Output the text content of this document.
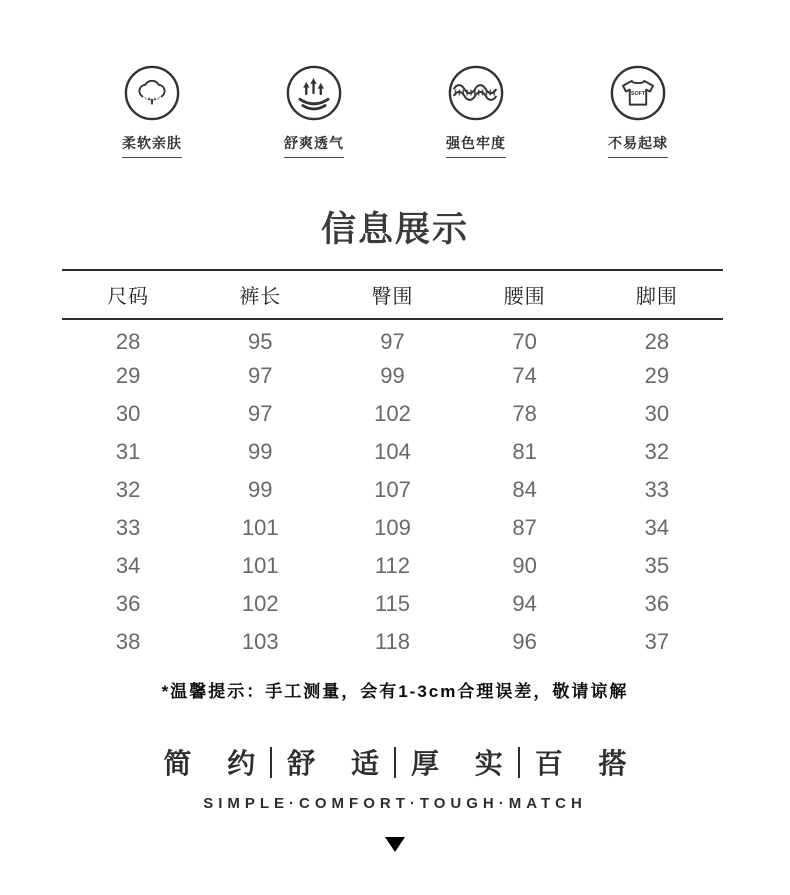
柔软亲肤	舒爽透气	强色牢度
SOFT
不易起球
信息展示
尺码	裤长	臀围	腰围	脚围
28	95	97	70	28
29	97	99	74	29
30	97	102	78	30
31	99	104	81	32
32	99	107	84	33
33	101	109	87	34
34	101	112	90	35
36	102	115	94	36
38	103	118	96	37

*温馨提示：手工测量，会有1-3cm合理误差，敬请谅解

简 约 舒 适 厚 实 百 搭
SIMPLE·COMFORT·TOUGH·MATCH
